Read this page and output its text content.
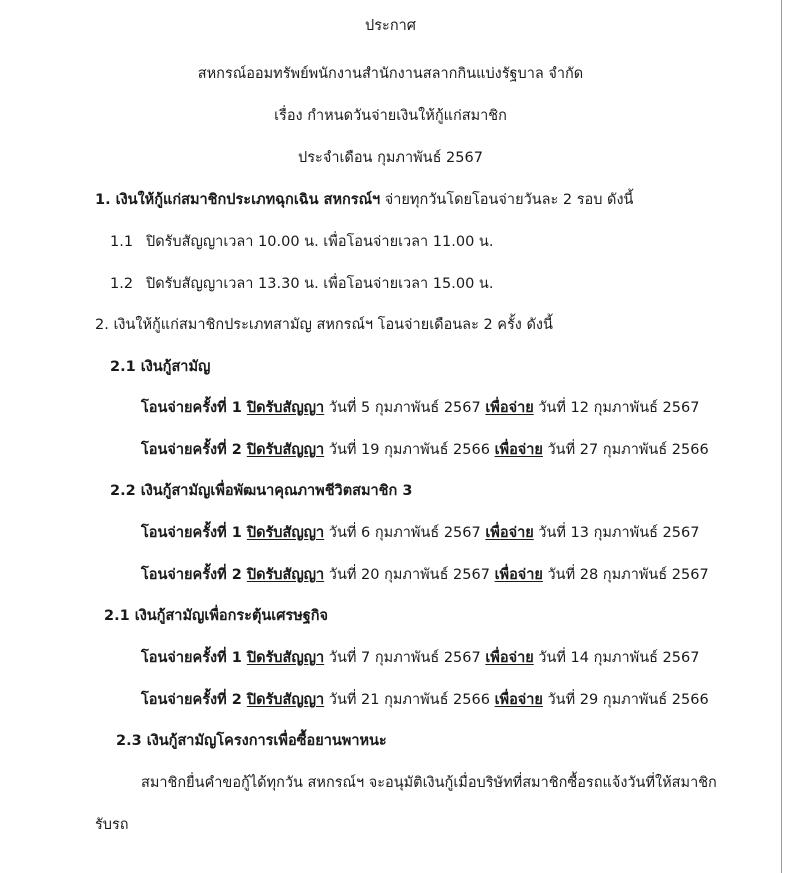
ประกาศ
สหกรณ์ออมทรัพย์พนักงานสำนักงานสลากกินแบ่งรัฐบาล จำกัด
เรื่อง กำหนดวันจ่ายเงินให้กู้แก่สมาชิก
ประจำเดือน กุมภาพันธ์ 2567
1. เงินให้กู้แก่สมาชิกประเภทฉุกเฉิน สหกรณ์ฯ จ่ายทุกวันโดยโอนจ่ายวันละ 2 รอบ ดังนี้
1.1 ปิดรับสัญญาเวลา 10.00 น. เพื่อโอนจ่ายเวลา 11.00 น.
1.2 ปิดรับสัญญาเวลา 13.30 น. เพื่อโอนจ่ายเวลา 15.00 น.
2. เงินให้กู้แก่สมาชิกประเภทสามัญ สหกรณ์ฯ โอนจ่ายเดือนละ 2 ครั้ง ดังนี้
2.1 เงินกู้สามัญ
โอนจ่ายครั้งที่ 1 ปิดรับสัญญา วันที่ 5 กุมภาพันธ์ 2567 เพื่อจ่าย วันที่ 12 กุมภาพันธ์ 2567
โอนจ่ายครั้งที่ 2 ปิดรับสัญญา วันที่ 19 กุมภาพันธ์ 2566 เพื่อจ่าย วันที่ 27 กุมภาพันธ์ 2566
2.2 เงินกู้สามัญเพื่อพัฒนาคุณภาพชีวิตสมาชิก 3
โอนจ่ายครั้งที่ 1 ปิดรับสัญญา วันที่ 6 กุมภาพันธ์ 2567 เพื่อจ่าย วันที่ 13 กุมภาพันธ์ 2567
โอนจ่ายครั้งที่ 2 ปิดรับสัญญา วันที่ 20 กุมภาพันธ์ 2567 เพื่อจ่าย วันที่ 28 กุมภาพันธ์ 2567
2.1 เงินกู้สามัญเพื่อกระตุ้นเศรษฐกิจ
โอนจ่ายครั้งที่ 1 ปิดรับสัญญา วันที่ 7 กุมภาพันธ์ 2567 เพื่อจ่าย วันที่ 14 กุมภาพันธ์ 2567
โอนจ่ายครั้งที่ 2 ปิดรับสัญญา วันที่ 21 กุมภาพันธ์ 2566 เพื่อจ่าย วันที่ 29 กุมภาพันธ์ 2566
2.3 เงินกู้สามัญโครงการเพื่อซื้อยานพาหนะ
สมาชิกยื่นคำขอกู้ได้ทุกวัน สหกรณ์ฯ จะอนุมัติเงินกู้เมื่อบริษัทที่สมาชิกซื้อรถแจ้งวันที่ให้สมาชิก
รับรถ
